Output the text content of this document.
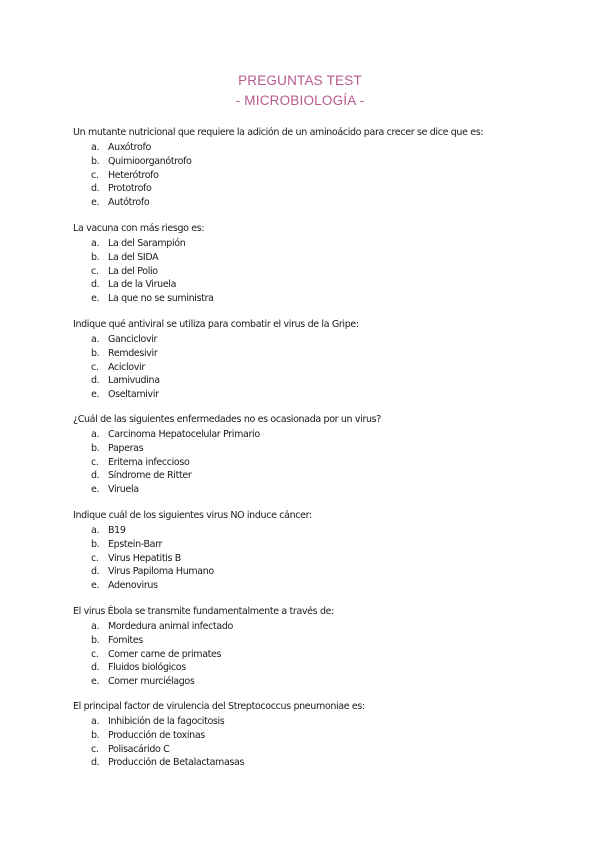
PREGUNTAS TEST
- MICROBIOLOGÍA -

Un mutante nutricional que requiere la adición de un aminoácido para crecer se dice que es:

a. Auxótrofo
b. Quimioorganótrofo
c. Heterótrofo
d. Prototrofo
e. Autótrofo

La vacuna con más riesgo es:

a. La del Sarampión
b. La del SIDA
c. La del Polio
d. La de la Viruela
e. La que no se suministra

Indique qué antiviral se utiliza para combatir el virus de la Gripe:

a. Ganciclovir
b. Remdesivir
c. Aciclovir
d. Lamivudina
e. Oseltamivir

¿Cuál de las siguientes enfermedades no es ocasionada por un virus?

a. Carcinoma Hepatocelular Primario
b. Paperas
c. Eritema infeccioso
d. Síndrome de Ritter
e. Viruela

Indique cuál de los siguientes virus NO induce cáncer:

a. B19
b. Epstein-Barr
c. Virus Hepatitis B
d. Virus Papiloma Humano
e. Adenovirus

El virus Ébola se transmite fundamentalmente a través de:

a. Mordedura animal infectado
b. Fomites
c. Comer carne de primates
d. Fluidos biológicos
e. Comer murciélagos

El principal factor de virulencia del Streptococcus pneumoniae es:

a. Inhibición de la fagocitosis
b. Producción de toxinas
c. Polisacárido C
d. Producción de Betalactamasas
